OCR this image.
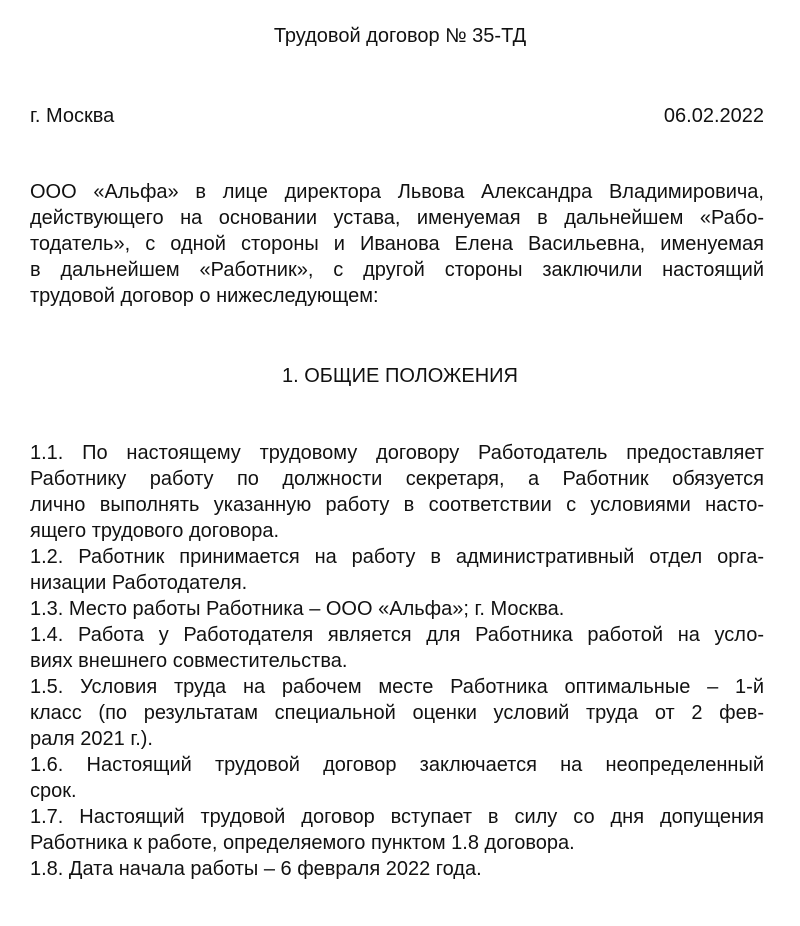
Трудовой договор № 35-ТД
г. Москва	06.02.2022
ООО «Альфа» в лице директора Львова Александра Владимировича,
действующего на основании устава, именуемая в дальнейшем «Рабо-
тодатель», с одной стороны и Иванова Елена Васильевна, именуемая
в дальнейшем «Работник», с другой стороны заключили настоящий
трудовой договор о нижеследующем:
1. ОБЩИЕ ПОЛОЖЕНИЯ
1.1. По настоящему трудовому договору Работодатель предоставляет
Работнику работу по должности секретаря, а Работник обязуется
лично выполнять указанную работу в соответствии с условиями насто-
ящего трудового договора.
1.2. Работник принимается на работу в административный отдел орга-
низации Работодателя.
1.3. Место работы Работника – ООО «Альфа»; г. Москва.
1.4. Работа у Работодателя является для Работника работой на усло-
виях внешнего совместительства.
1.5. Условия труда на рабочем месте Работника оптимальные – 1-й
класс (по результатам специальной оценки условий труда от 2 фев-
раля 2021 г.).
1.6. Настоящий трудовой договор заключается на неопределенный
срок.
1.7. Настоящий трудовой договор вступает в силу со дня допущения
Работника к работе, определяемого пунктом 1.8 договора.
1.8. Дата начала работы – 6 февраля 2022 года.
